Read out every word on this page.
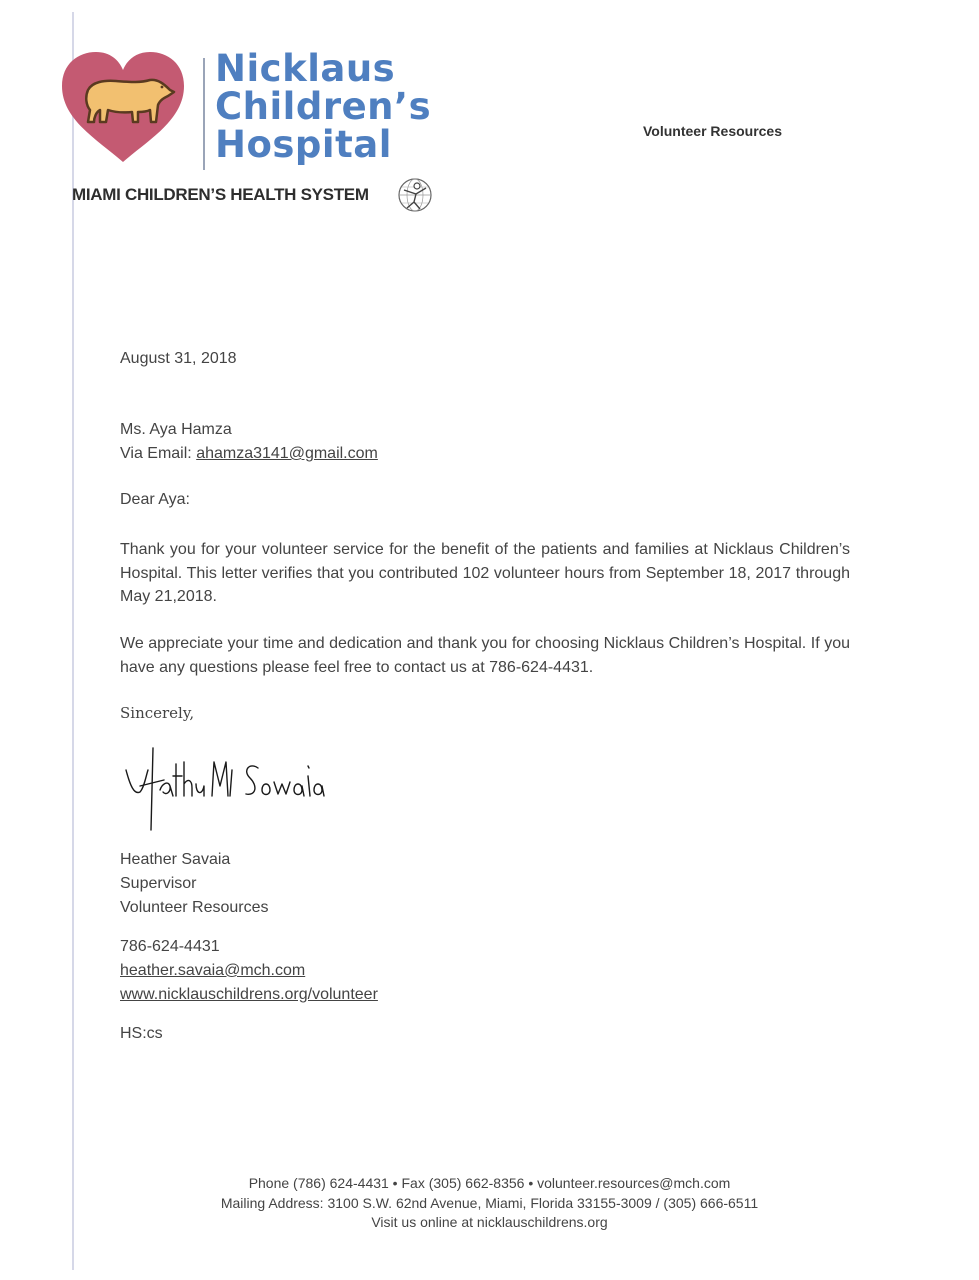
Nicklaus
Children’s
Hospital
MIAMI CHILDREN’S HEALTH SYSTEM
Volunteer Resources
August 31, 2018
Ms. Aya Hamza
Via Email: ahamza3141@gmail.com
Dear Aya:
Thank you for your volunteer service for the benefit of the patients and families at Nicklaus Children’s Hospital. This letter verifies that you contributed 102 volunteer hours from September 18, 2017 through May 21,2018.
We appreciate your time and dedication and thank you for choosing Nicklaus Children’s Hospital. If you have any questions please feel free to contact us at 786-624-4431.
Sincerely,
Heather Savaia
Supervisor
Volunteer Resources
786-624-4431
heather.savaia@mch.com
www.nicklauschildrens.org/volunteer
HS:cs
Phone (786) 624-4431 • Fax (305) 662-8356 • volunteer.resources@mch.com
Mailing Address: 3100 S.W. 62nd Avenue, Miami, Florida 33155-3009 / (305) 666-6511
Visit us online at nicklauschildrens.org
